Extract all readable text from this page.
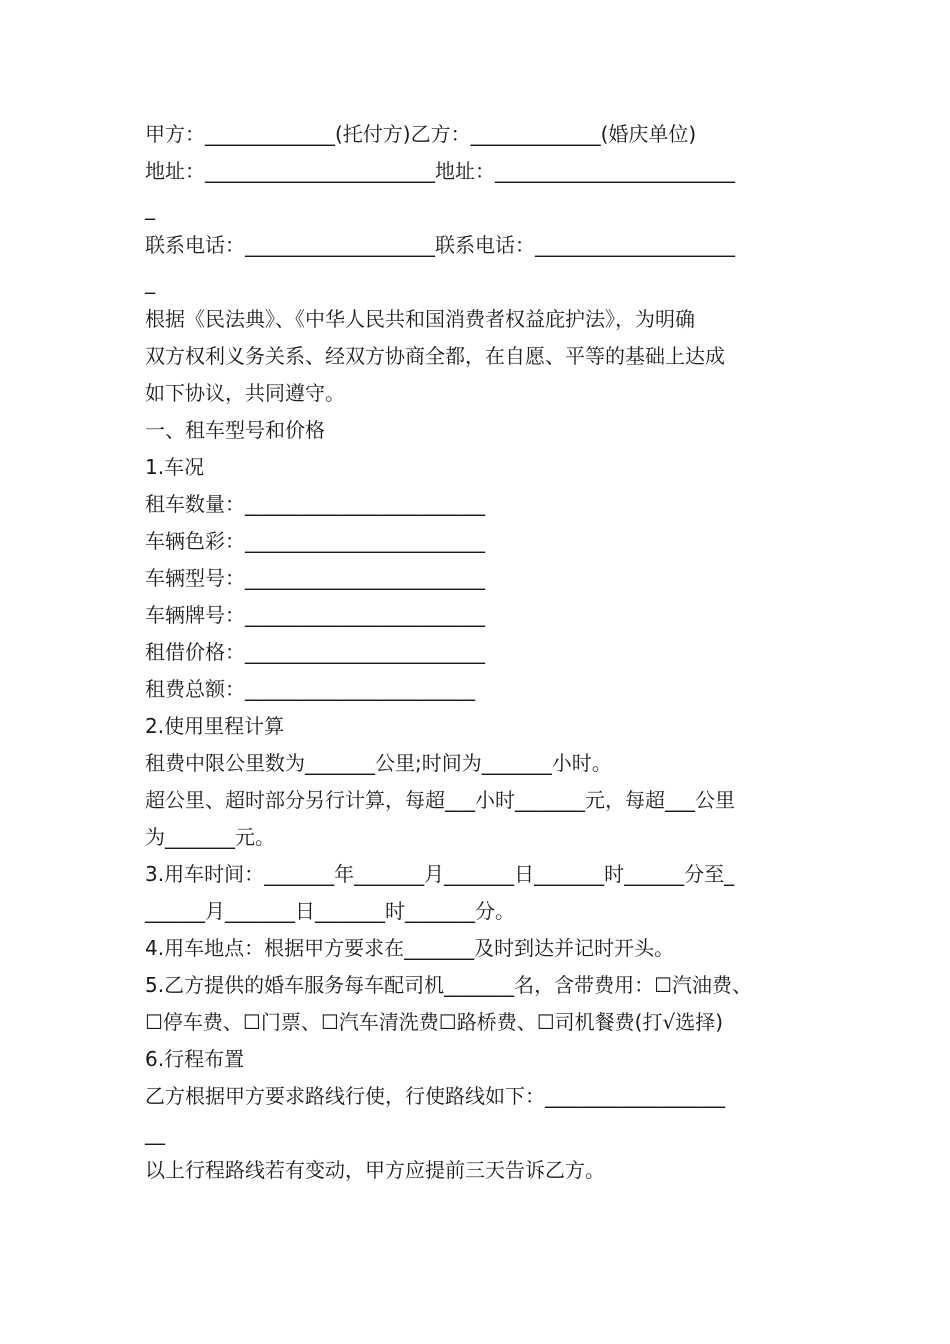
甲方：_____________(托付方)乙方：_____________(婚庆单位)
地址：_______________________地址：________________________
_
联系电话：___________________联系电话：____________________
_
根据《民法典》、《中华人民共和国消费者权益庇护法》，为明确
双方权利义务关系、经双方协商全都，在自愿、平等的基础上达成
如下协议，共同遵守。
一、租车型号和价格
1.车况
租车数量：________________________
车辆色彩：________________________
车辆型号：________________________
车辆牌号：________________________
租借价格：________________________
租费总额：_______________________
2.使用里程计算
租费中限公里数为_______公里;时间为_______小时。
超公里、超时部分另行计算，每超___小时_______元，每超___公里
为_______元。
3.用车时间：_______年_______月_______日_______时______分至_
______月_______日_______时_______分。
4.用车地点：根据甲方要求在_______及时到达并记时开头。
5.乙方提供的婚车服务每车配司机_______名，含带费用：☐汽油费、
☐停车费、☐门票、☐汽车清洗费☐路桥费、☐司机餐费(打√选择)
6.行程布置
乙方根据甲方要求路线行使，行使路线如下：__________________
__
以上行程路线若有变动，甲方应提前三天告诉乙方。
